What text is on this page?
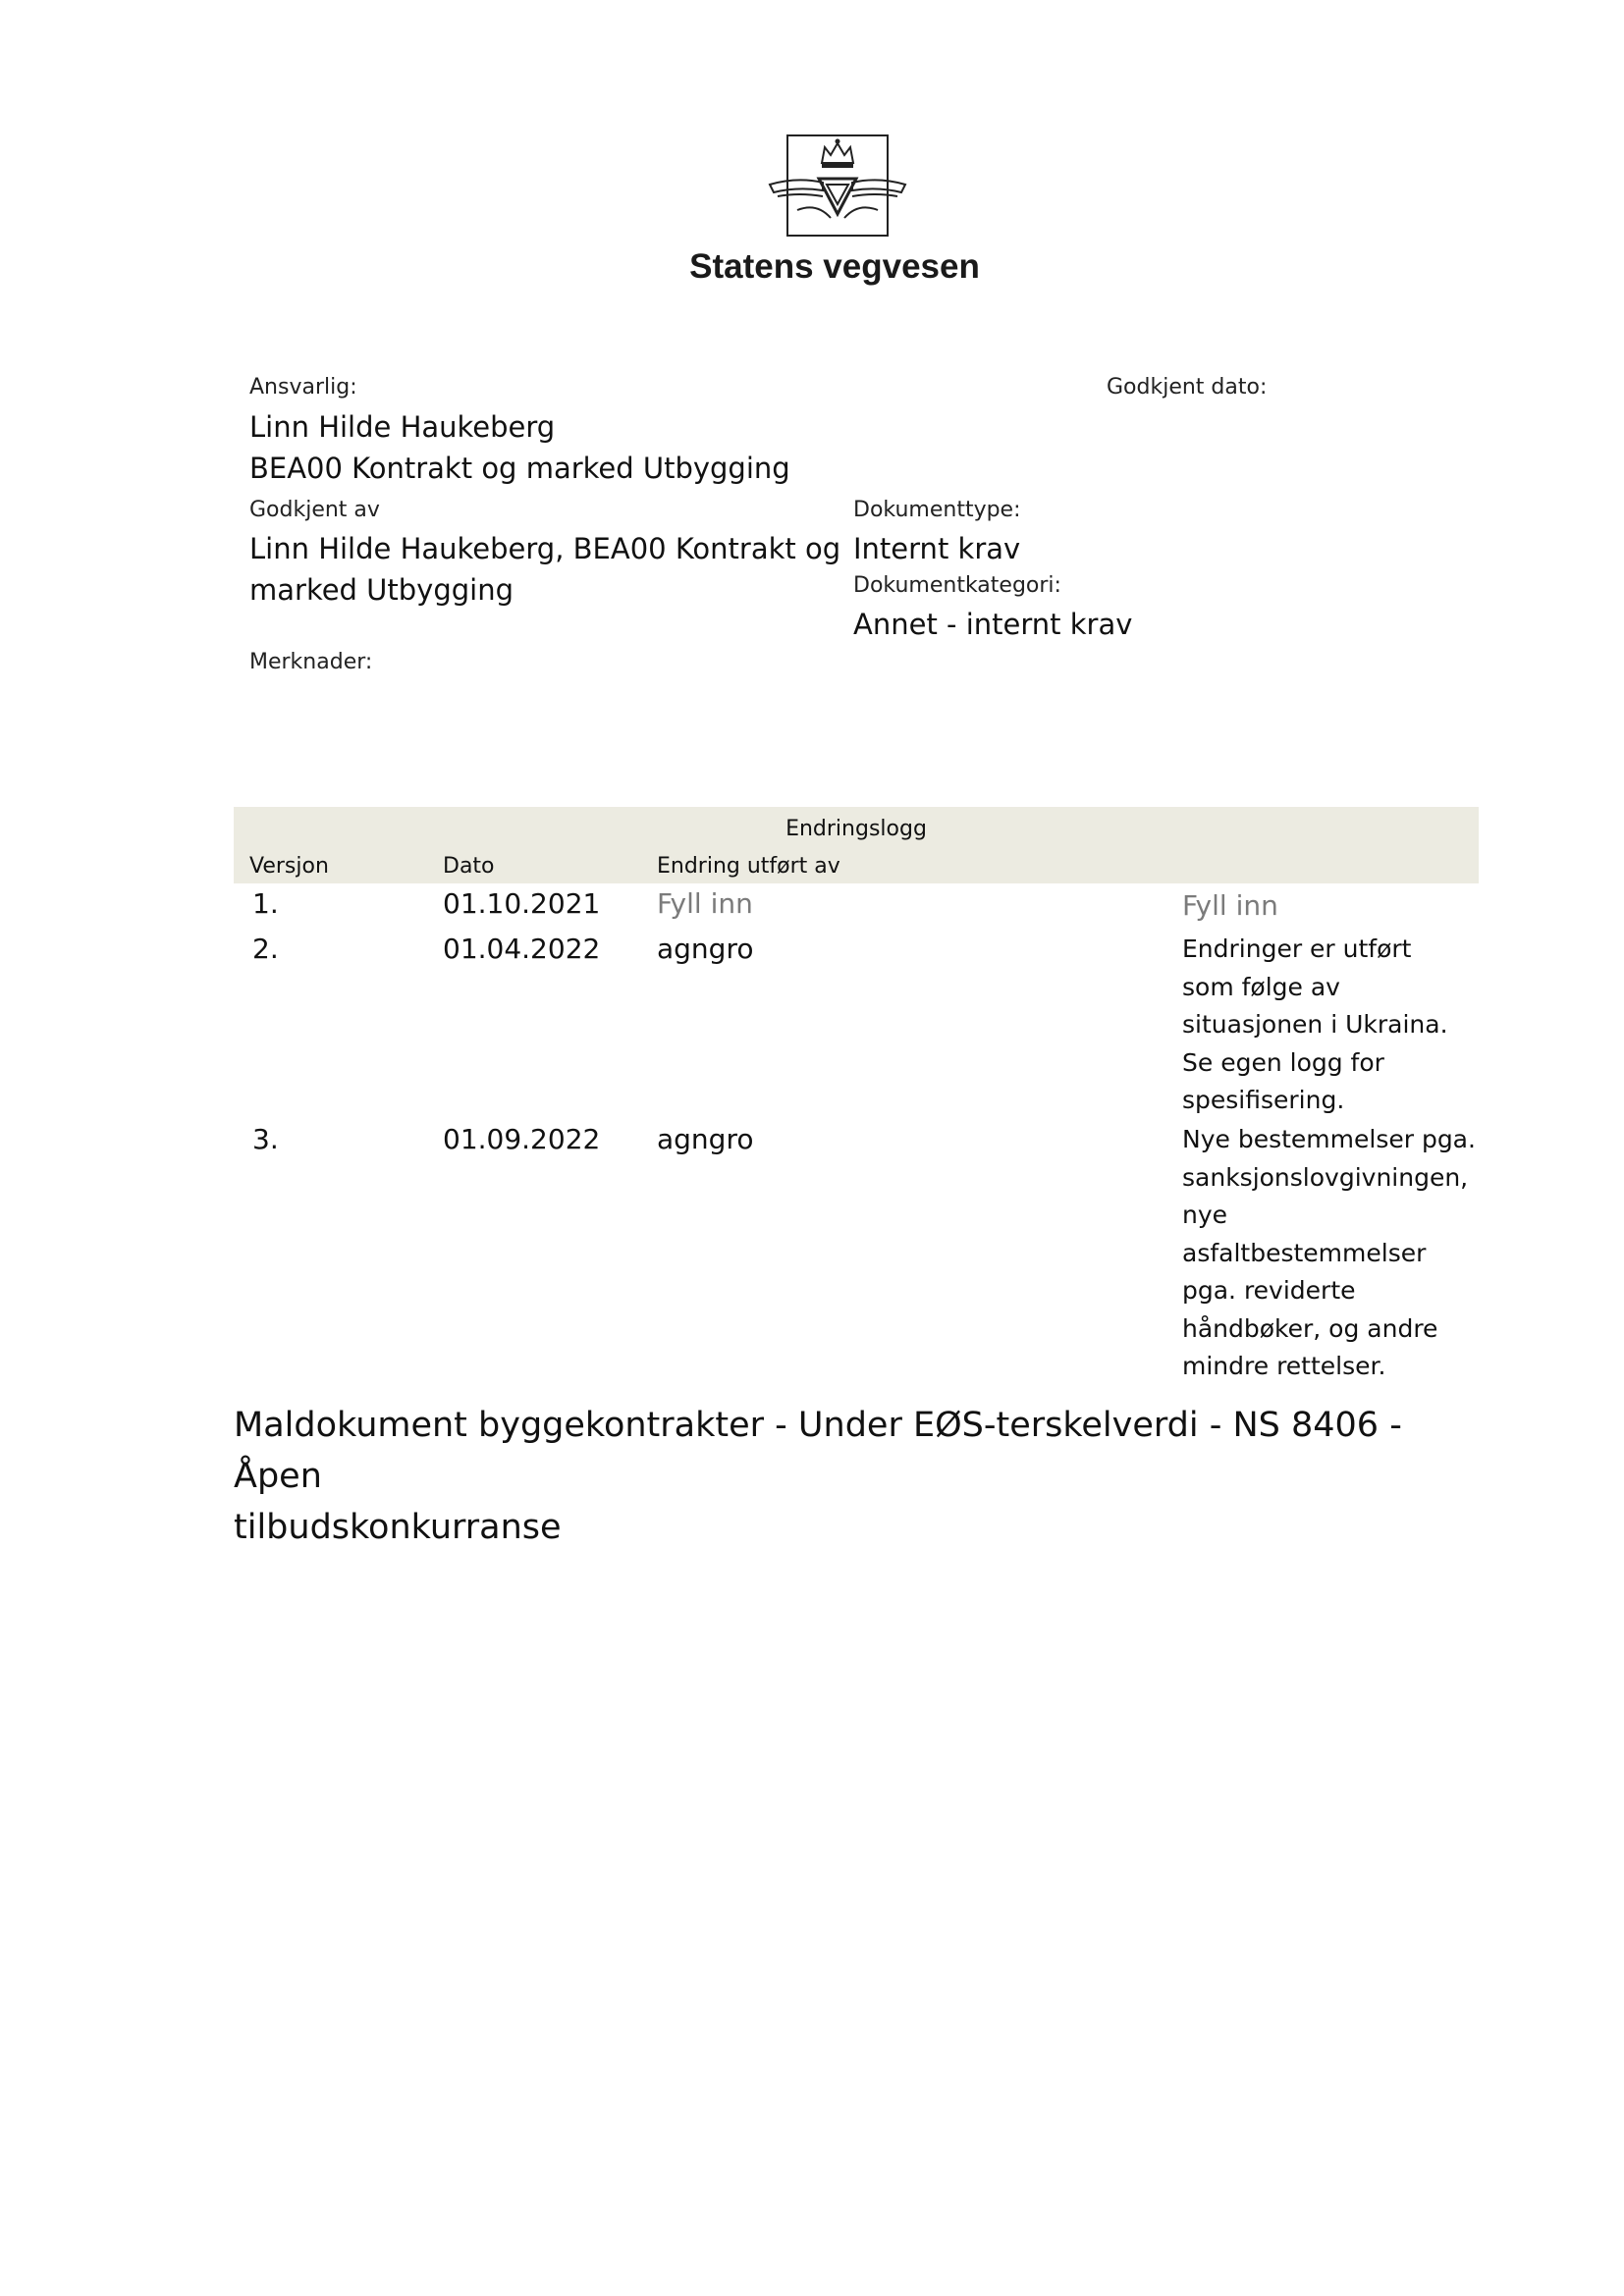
Statens vegvesen
Ansvarlig:
Linn Hilde Haukeberg
BEA00 Kontrakt og marked Utbygging
Godkjent dato:
Godkjent av
Linn Hilde Haukeberg, BEA00 Kontrakt og
marked Utbygging
Dokumenttype:
Internt krav
Dokumentkategori:
Annet - internt krav
Merknader:
Endringslogg
Versjon	Dato	Endring utført av
1.	01.10.2021 Fyll inn	Fyll inn
2.	01.04.2022 agngro	Endringer er utført
som følge av
situasjonen i Ukraina.
Se egen logg for
spesifisering.
3.	01.09.2022 agngro	Nye bestemmelser pga.
sanksjonslovgivningen,
nye
asfaltbestemmelser
pga. reviderte
håndbøker, og andre
mindre rettelser.
Maldokument byggekontrakter - Under EØS-terskelverdi - NS 8406 - Åpen
tilbudskonkurranse
